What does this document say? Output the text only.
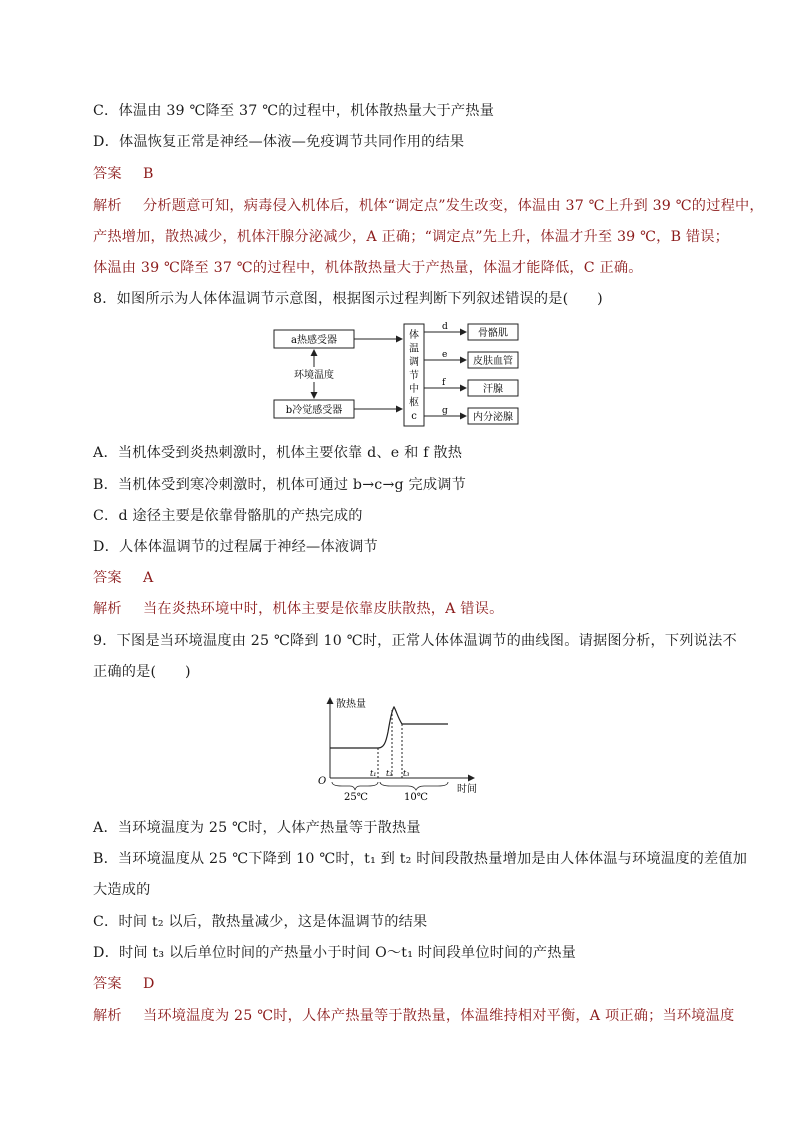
C．体温由 39 ℃降至 37 ℃的过程中，机体散热量大于产热量
D．体温恢复正常是神经—体液—免疫调节共同作用的结果
答案 B
解析 分析题意可知，病毒侵入机体后，机体“调定点”发生改变，体温由 37 ℃上升到 39 ℃的过程中，
产热增加，散热减少，机体汗腺分泌减少，A 正确；“调定点”先上升，体温才升至 39 ℃，B 错误；
体温由 39 ℃降至 37 ℃的过程中，机体散热量大于产热量，体温才能降低，C 正确。
8．如图所示为人体体温调节示意图，根据图示过程判断下列叙述错误的是(　　)
a热感受器
b冷觉感受器
环境温度
体
温
调
节
中
枢
c
d
e
f
g
骨骼肌
皮肤血管
汗腺
内分泌腺
A．当机体受到炎热刺激时，机体主要依靠 d、e 和 f 散热
B．当机体受到寒冷刺激时，机体可通过 b→c→g 完成调节
C．d 途径主要是依靠骨骼肌的产热完成的
D．人体体温调节的过程属于神经—体液调节
答案 A
解析 当在炎热环境中时，机体主要是依靠皮肤散热，A 错误。
9．下图是当环境温度由 25 ℃降到 10 ℃时，正常人体体温调节的曲线图。请据图分析，下列说法不
正确的是(　　)
散热量
时间
O
t₁ t₂ t₃
25℃	10℃
A．当环境温度为 25 ℃时，人体产热量等于散热量
B．当环境温度从 25 ℃下降到 10 ℃时，t₁ 到 t₂ 时间段散热量增加是由人体体温与环境温度的差值加
大造成的
C．时间 t₂ 以后，散热量减少，这是体温调节的结果
D．时间 t₃ 以后单位时间的产热量小于时间 O～t₁ 时间段单位时间的产热量
答案 D
解析 当环境温度为 25 ℃时，人体产热量等于散热量，体温维持相对平衡，A 项正确；当环境温度
